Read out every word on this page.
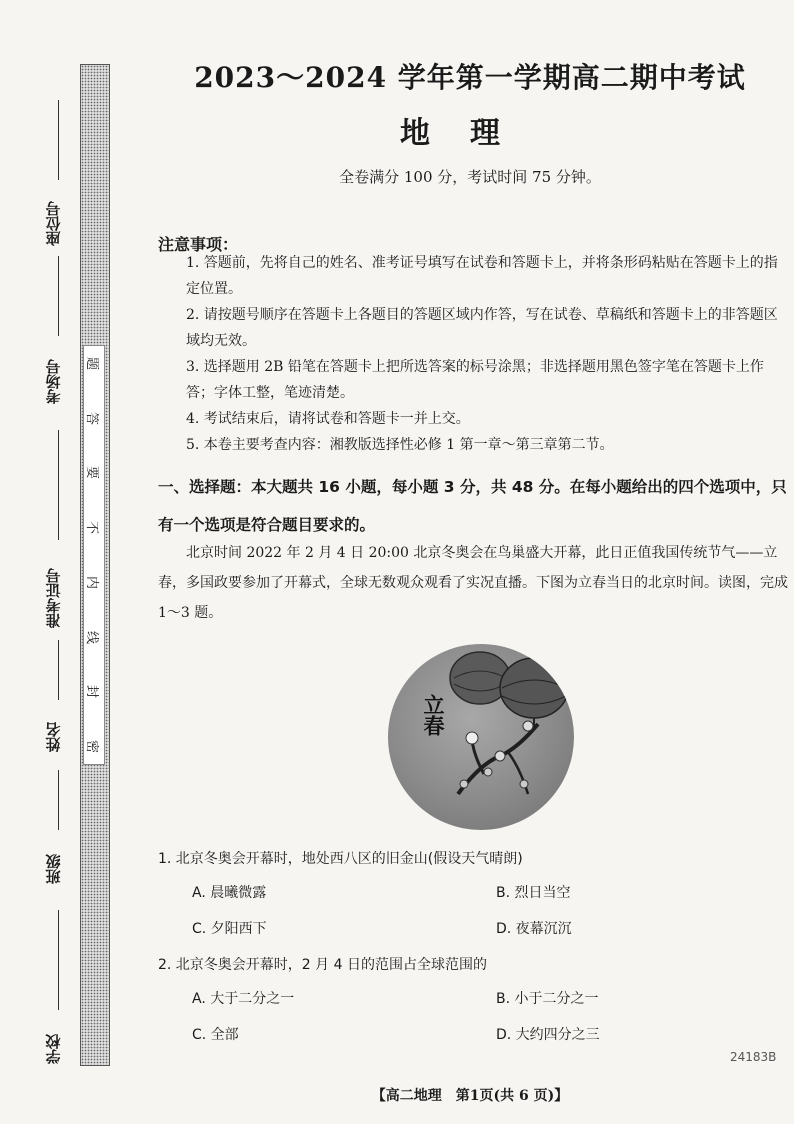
座位号
考场号
准考证号
姓名
班级
学校
题
答
要
不
内
线
封
密
2023～2024 学年第一学期高二期中考试
地理
全卷满分 100 分，考试时间 75 分钟。
注意事项：

1. 答题前，先将自己的姓名、准考证号填写在试卷和答题卡上，并将条形码粘贴在答题卡上的指定位置。

2. 请按题号顺序在答题卡上各题目的答题区域内作答，写在试卷、草稿纸和答题卡上的非答题区域均无效。

3. 选择题用 2B 铅笔在答题卡上把所选答案的标号涂黑；非选择题用黑色签字笔在答题卡上作答；字体工整，笔迹清楚。

4. 考试结束后，请将试卷和答题卡一并上交。

5. 本卷主要考查内容：湘教版选择性必修 1 第一章～第三章第二节。

一、选择题：本大题共 16 小题，每小题 3 分，共 48 分。在每小题给出的四个选项中，只有一个选项是符合题目要求的。
北京时间 2022 年 2 月 4 日 20:00 北京冬奥会在鸟巢盛大开幕，此日正值我国传统节气——立春，多国政要参加了开幕式，全球无数观众观看了实况直播。下图为立春当日的北京时间。读图，完成 1～3 题。
立春
1. 北京冬奥会开幕时，地处西八区的旧金山(假设天气晴朗)
A. 晨曦微露	B. 烈日当空
C. 夕阳西下	D. 夜幕沉沉
2. 北京冬奥会开幕时，2 月 4 日的范围占全球范围的
A. 大于二分之一	B. 小于二分之一
C. 全部	D. 大约四分之三
24183B
【高二地理　第1页(共 6 页)】
